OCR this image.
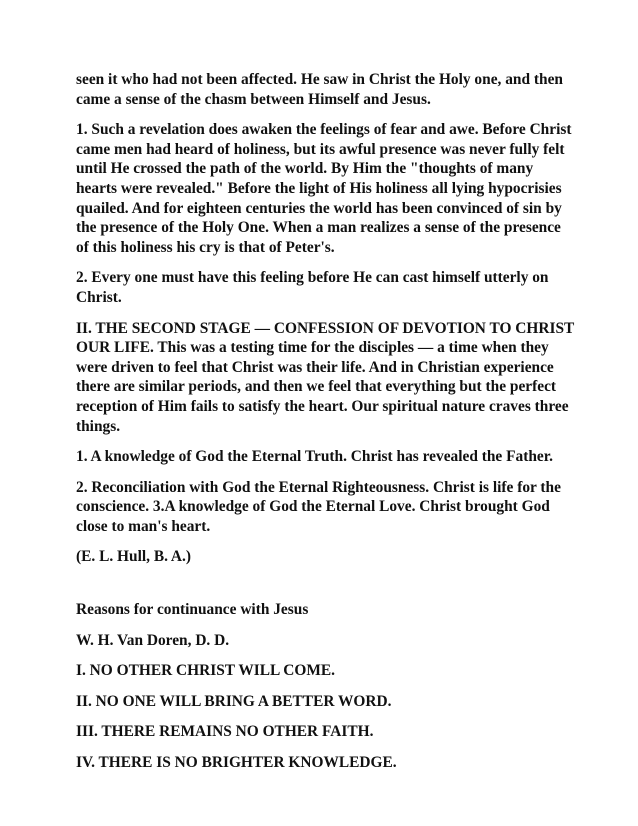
seen it who had not been affected. He saw in Christ the Holy one, and then came a sense of the chasm between Himself and Jesus.

1. Such a revelation does awaken the feelings of fear and awe. Before Christ came men had heard of holiness, but its awful presence was never fully felt until He crossed the path of the world. By Him the "thoughts of many hearts were revealed." Before the light of His holiness all lying hypocrisies quailed. And for eighteen centuries the world has been convinced of sin by the presence of the Holy One. When a man realizes a sense of the presence of this holiness his cry is that of Peter's.

2. Every one must have this feeling before He can cast himself utterly on Christ.

II. THE SECOND STAGE — CONFESSION OF DEVOTION TO CHRIST OUR LIFE. This was a testing time for the disciples — a time when they were driven to feel that Christ was their life. And in Christian experience there are similar periods, and then we feel that everything but the perfect reception of Him fails to satisfy the heart. Our spiritual nature craves three things.

1. A knowledge of God the Eternal Truth. Christ has revealed the Father.

2. Reconciliation with God the Eternal Righteousness. Christ is life for the conscience. 3.A knowledge of God the Eternal Love. Christ brought God close to man's heart.

(E. L. Hull, B. A.)

Reasons for continuance with Jesus

W. H. Van Doren, D. D.

I. NO OTHER CHRIST WILL COME.

II. NO ONE WILL BRING A BETTER WORD.

III. THERE REMAINS NO OTHER FAITH.

IV. THERE IS NO BRIGHTER KNOWLEDGE.
